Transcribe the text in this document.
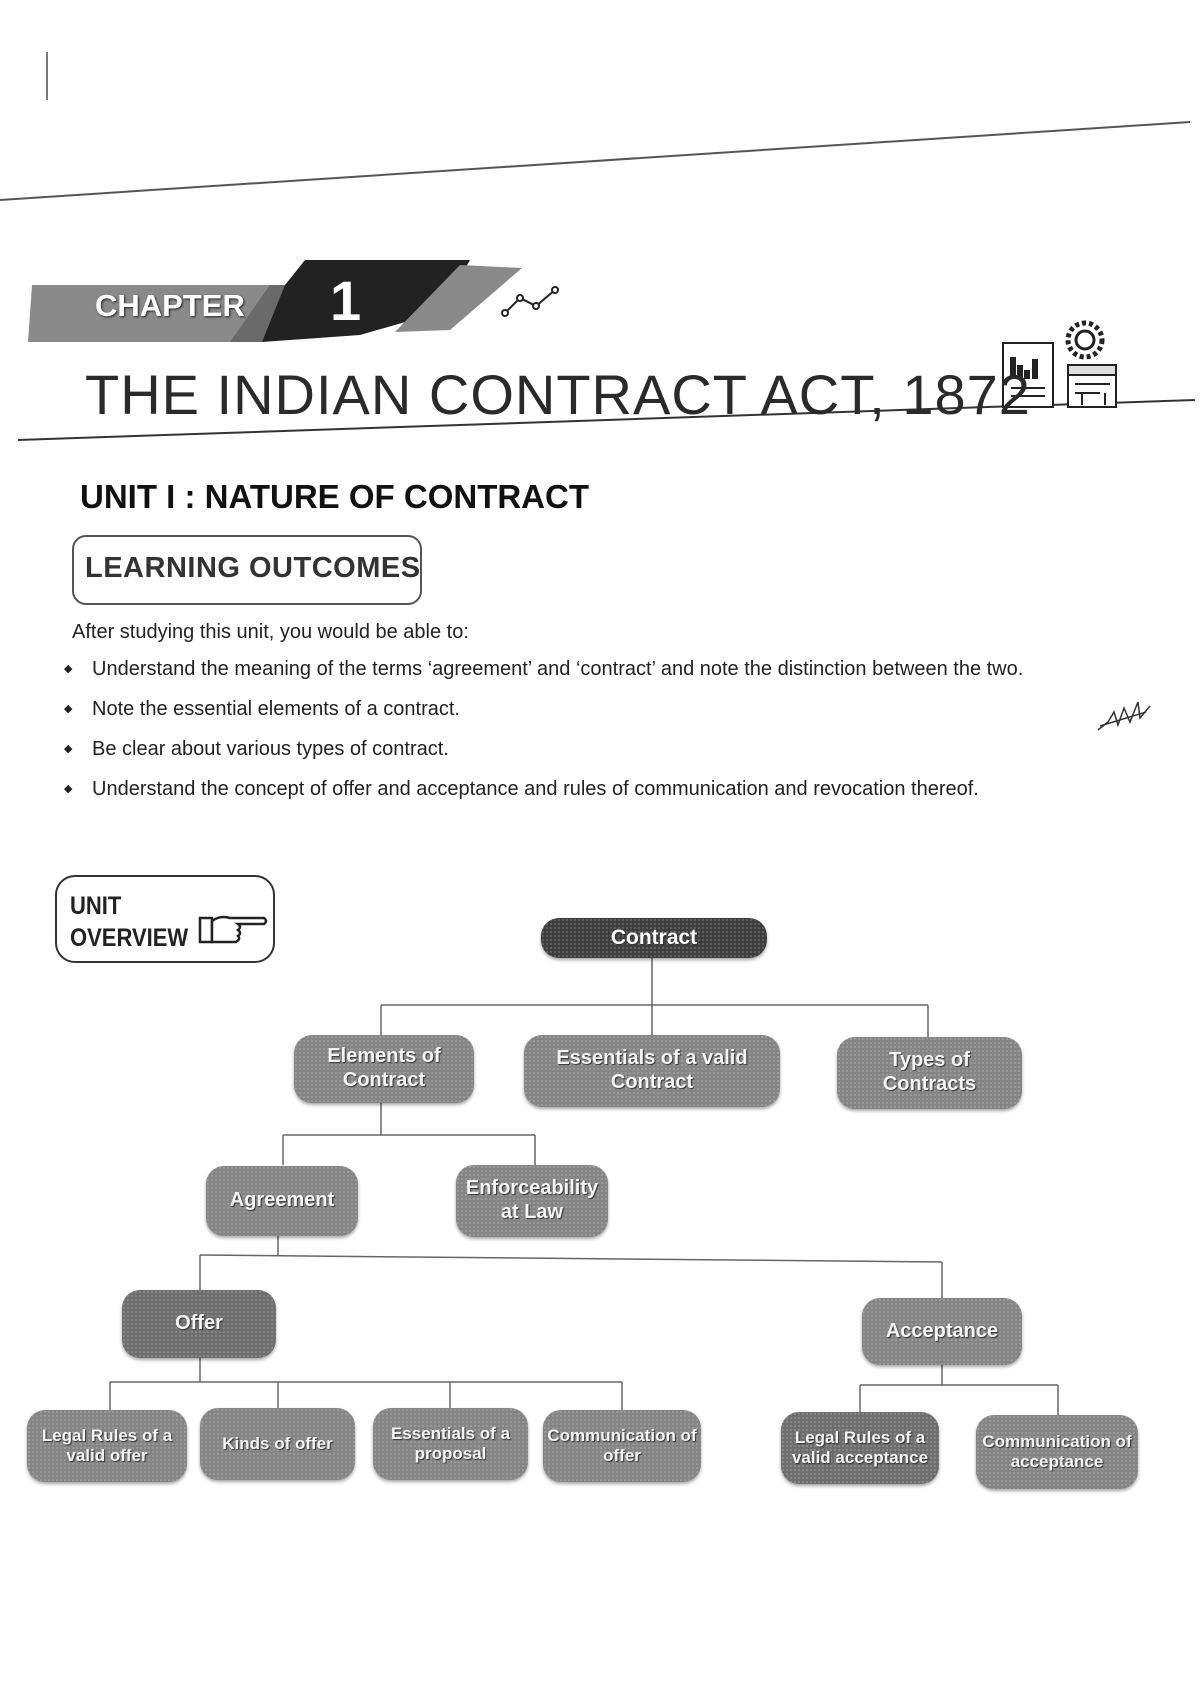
CHAPTER 1
THE INDIAN CONTRACT ACT, 1872
UNIT I : NATURE OF CONTRACT
LEARNING OUTCOMES
After studying this unit, you would be able to:
◆ Understand the meaning of the terms ‘agreement’ and ‘contract’ and note the distinction between the two.
◆ Note the essential elements of a contract.
◆ Be clear about various types of contract.
◆ Understand the concept of offer and acceptance and rules of communication and revocation thereof.
UNIT
OVERVIEW	Contract
Elements of Contract
Essentials of a valid Contract
Types of Contracts
Agreement
Enforceability at Law
Offer	Acceptance
Legal Rules of a valid offer
Kinds of offer
Essentials of a proposal
Communication of offer
Legal Rules of a valid acceptance
Communication of acceptance
